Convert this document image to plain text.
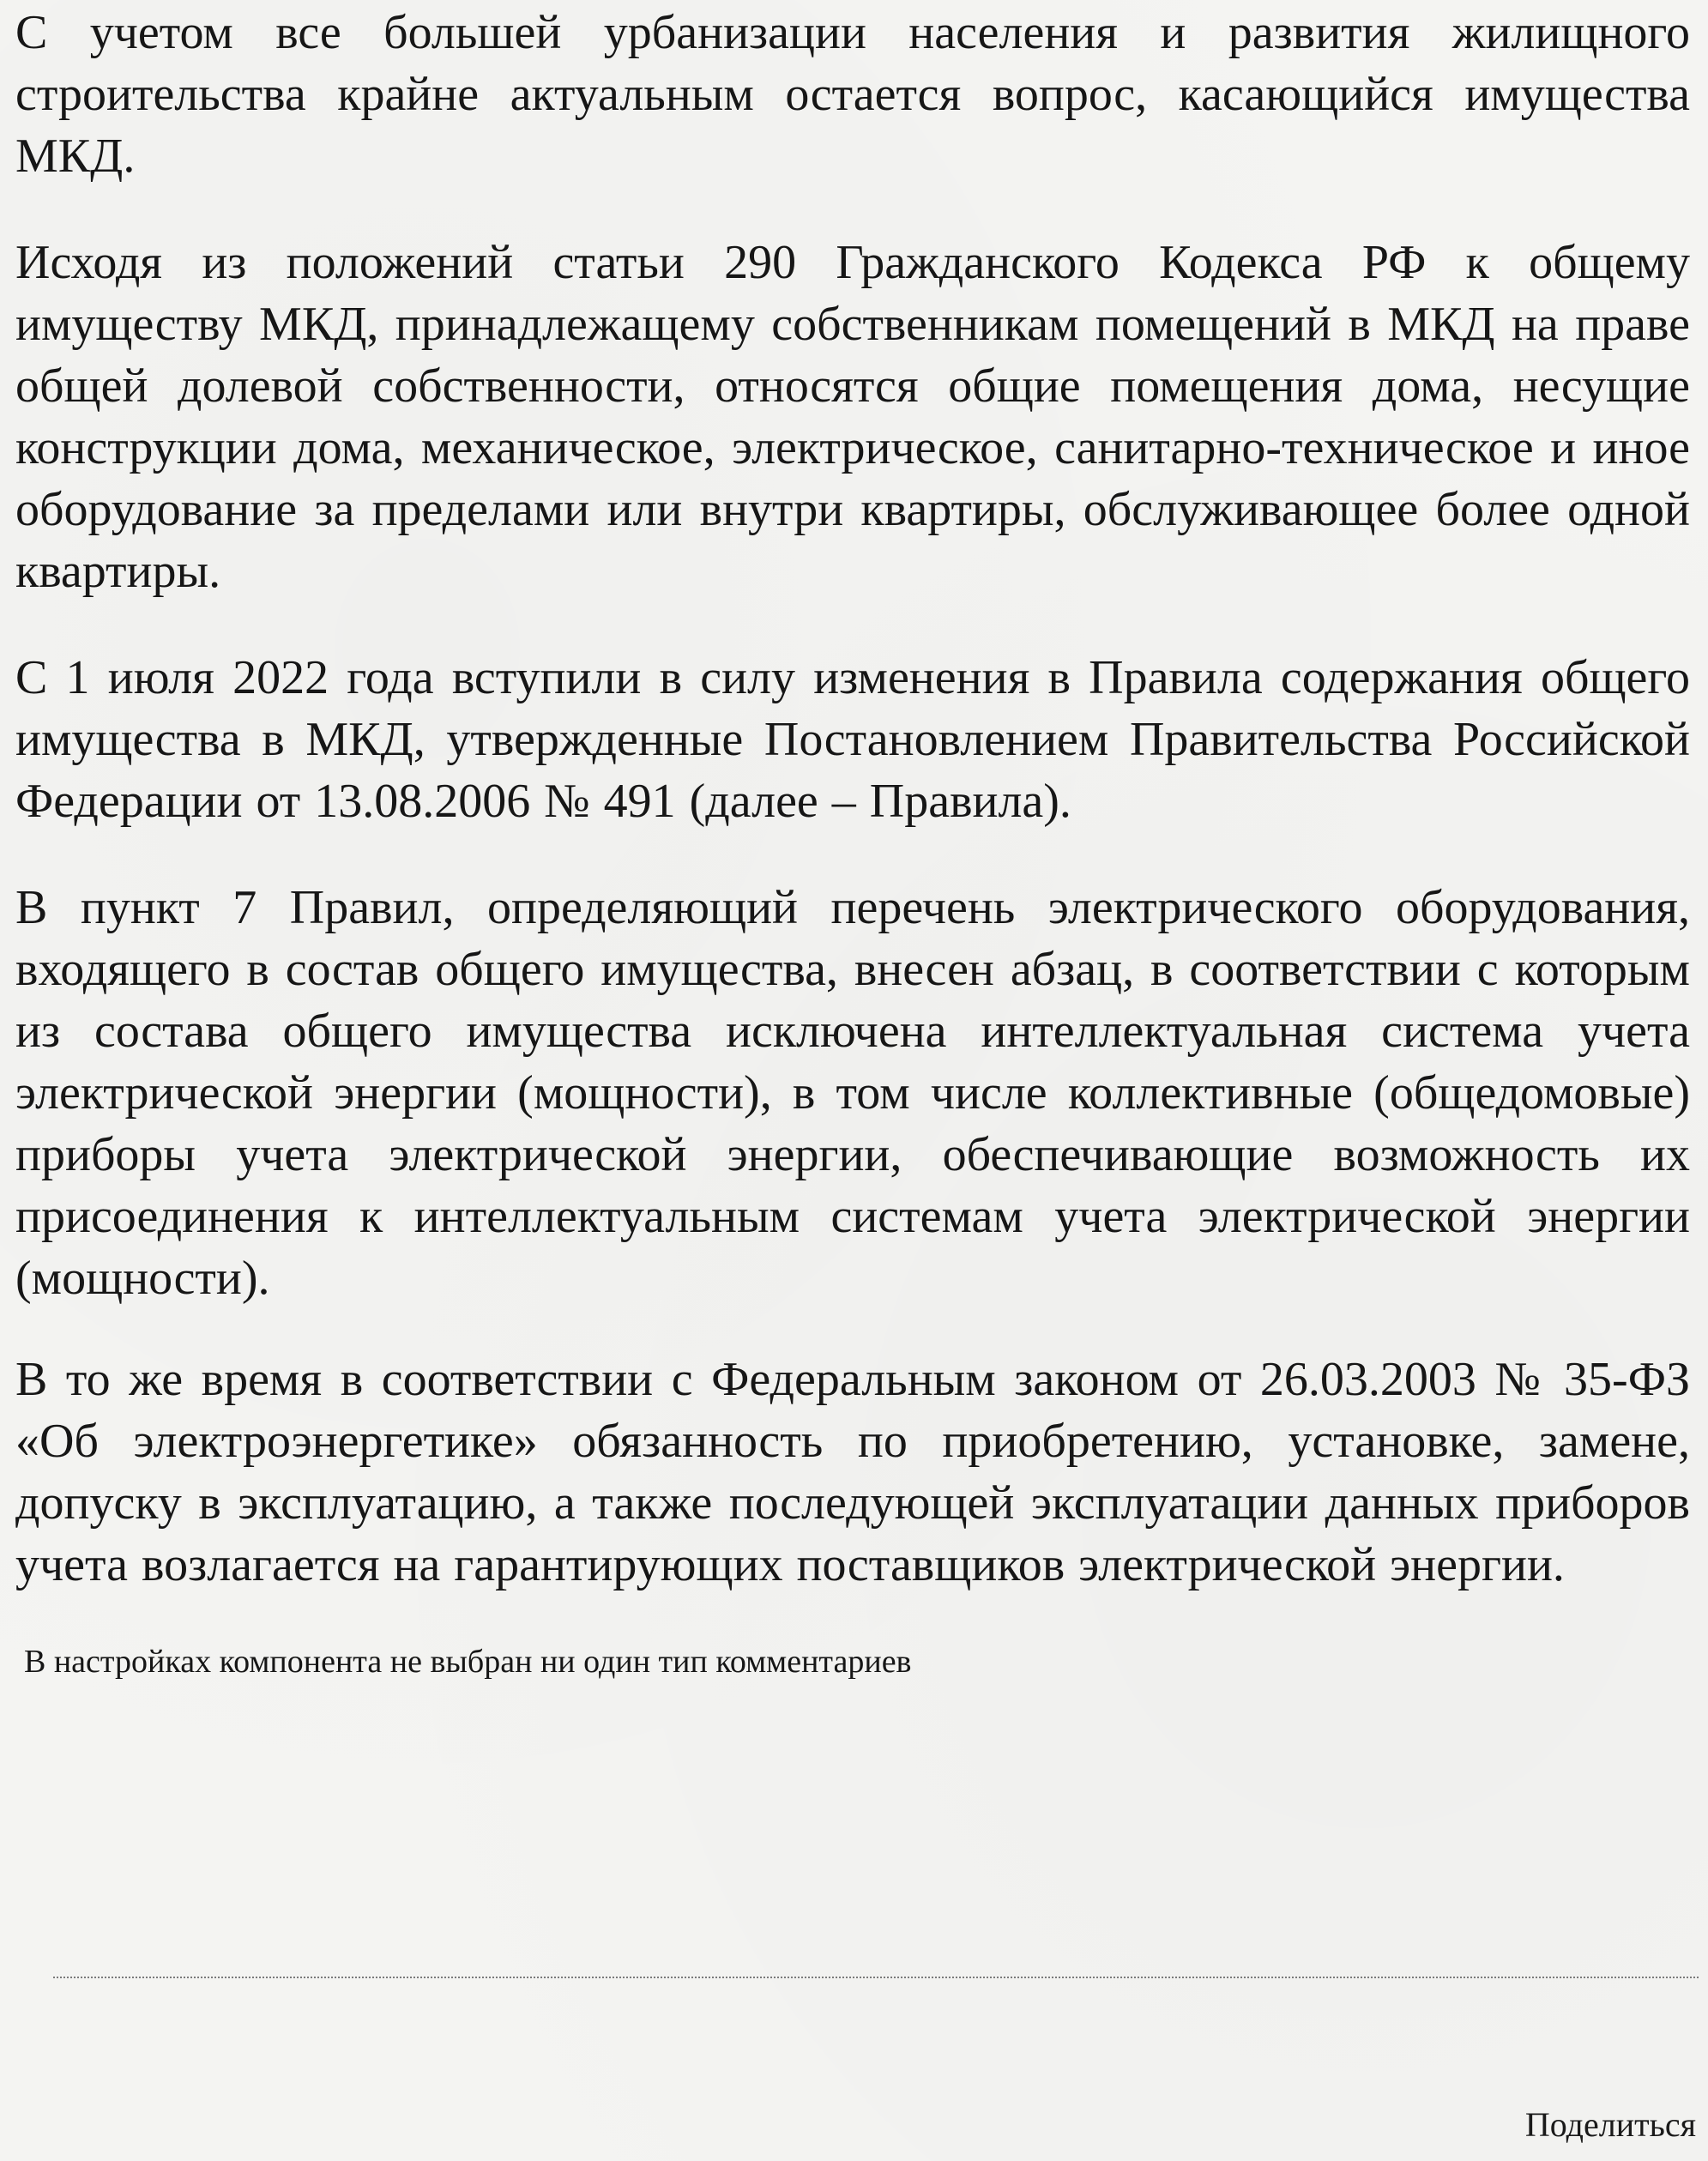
С учетом все большей урбанизации населения и развития жилищного строительства крайне актуальным остается вопрос, касающийся имущества МКД.

Исходя из положений статьи 290 Гражданского Кодекса РФ к общему имуществу МКД, принадлежащему собственникам помещений в МКД на праве общей долевой собственности, относятся общие помещения дома, несущие конструкции дома, механическое, электрическое, санитарно-техническое и иное оборудование за пределами или внутри квартиры, обслуживающее более одной квартиры.

С 1 июля 2022 года вступили в силу изменения в Правила содержания общего имущества в МКД, утвержденные Постановлением Правительства Российской Федерации от 13.08.2006 № 491 (далее – Правила).

В пункт 7 Правил, определяющий перечень электрического оборудования, входящего в состав общего имущества, внесен абзац, в соответствии с которым из состава общего имущества исключена интеллектуальная система учета электрической энергии (мощности), в том числе коллективные (общедомовые) приборы учета электрической энергии, обеспечивающие возможность их присоединения к интеллектуальным системам учета электрической энергии (мощности).

В то же время в соответствии с Федеральным законом от 26.03.2003 № 35-ФЗ «Об электроэнергетике» обязанность по приобретению, установке, замене, допуску в эксплуатацию, а также последующей эксплуатации данных приборов учета возлагается на гарантирующих поставщиков электрической энергии.

В настройках компонента не выбран ни один тип комментариев
Поделиться
